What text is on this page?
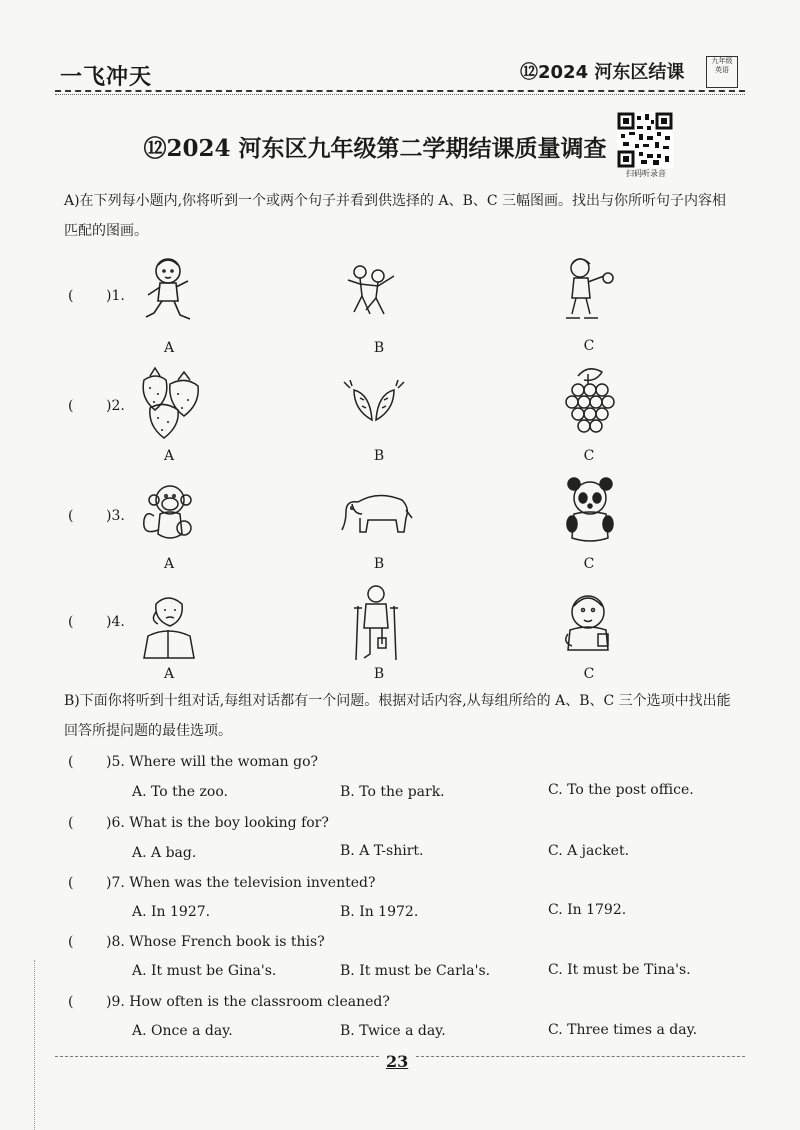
一飞冲天	⑫2024 河东区结课
九年级 英语
扫码听录音
⑫2024 河东区九年级第二学期结课质量调查
A)在下列每小题内,你将听到一个或两个句子并看到供选择的 A、B、C 三幅图画。找出与你所听句子内容相匹配的图画。
( )1.
A	B	C
( )2.
A	B	C
( )3.
A	B	C
( )4.
A	B	C
B)下面你将听到十组对话,每组对话都有一个问题。根据对话内容,从每组所给的 A、B、C 三个选项中找出能回答所提问题的最佳选项。
( )5. Where will the woman go?
A. To the zoo.	B. To the park.	C. To the post office.
( )6. What is the boy looking for?
A. A bag.	B. A T-shirt.	C. A jacket.
( )7. When was the television invented?
A. In 1927.	B. In 1972.	C. In 1792.
( )8. Whose French book is this?
A. It must be Gina's.	B. It must be Carla's.	C. It must be Tina's.
( )9. How often is the classroom cleaned?
A. Once a day.	B. Twice a day.	C. Three times a day.
23
